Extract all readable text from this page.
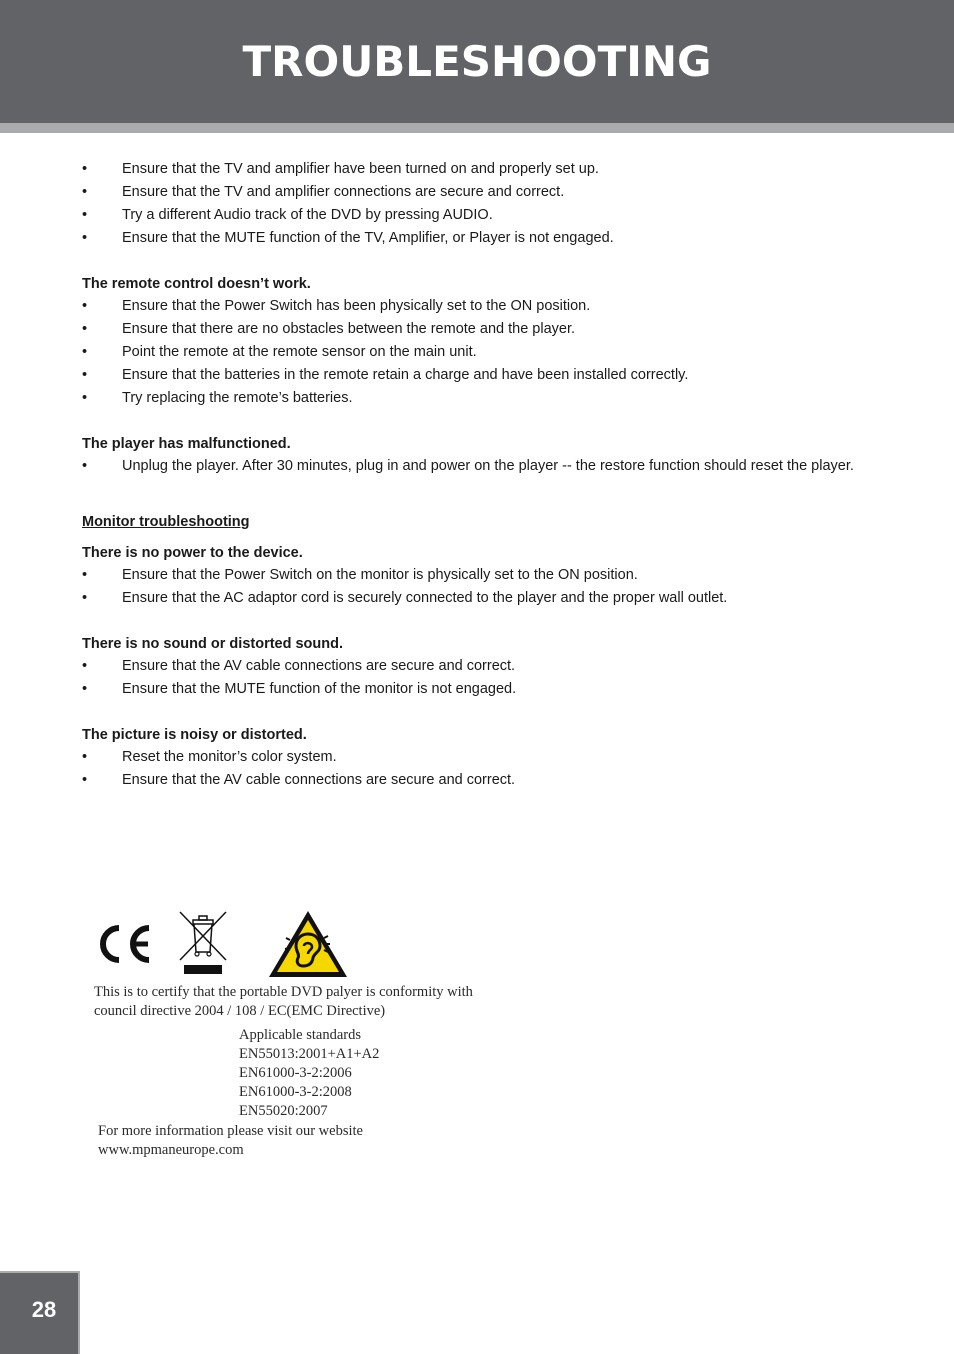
TROUBLESHOOTING
• Ensure that the TV and amplifier have been turned on and properly set up.
• Ensure that the TV and amplifier connections are secure and correct.
• Try a different Audio track of the DVD by pressing AUDIO.
• Ensure that the MUTE function of the TV, Amplifier, or Player is not engaged.

The remote control doesn’t work.

• Ensure that the Power Switch has been physically set to the ON position.
• Ensure that there are no obstacles between the remote and the player.
• Point the remote at the remote sensor on the main unit.
• Ensure that the batteries in the remote retain a charge and have been installed correctly.
• Try replacing the remote’s batteries.

The player has malfunctioned.

• Unplug the player. After 30 minutes, plug in and power on the player -- the restore function should reset the player.

Monitor troubleshooting

There is no power to the device.

• Ensure that the Power Switch on the monitor is physically set to the ON position.
• Ensure that the AC adaptor cord is securely connected to the player and the proper wall outlet.

There is no sound or distorted sound.

• Ensure that the AV cable connections are secure and correct.
• Ensure that the MUTE function of the monitor is not engaged.

The picture is noisy or distorted.

• Reset the monitor’s color system.
• Ensure that the AV cable connections are secure and correct.
This is to certify that the portable DVD palyer is conformity with
council directive 2004 / 108 / EC(EMC Directive)
Applicable standards
EN55013:2001+A1+A2
EN61000-3-2:2006
EN61000-3-2:2008
EN55020:2007
For more information please visit our website
www.mpmaneurope.com
28
